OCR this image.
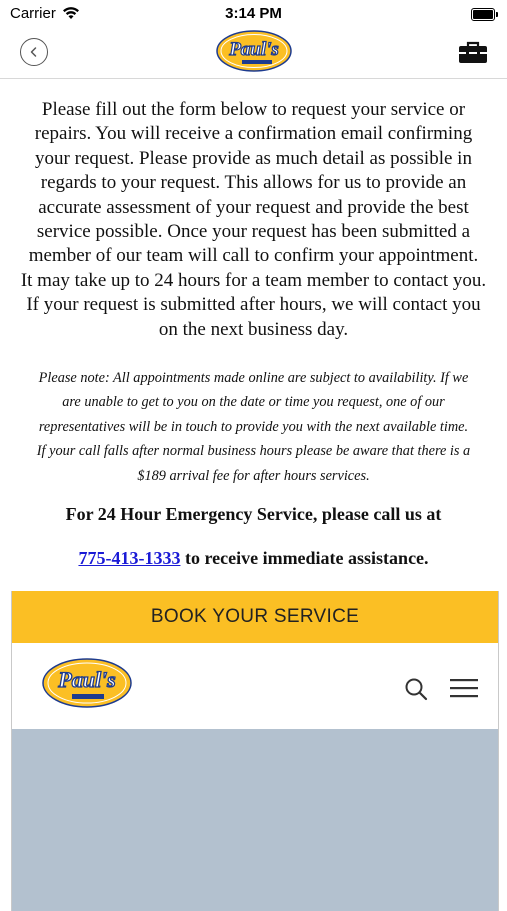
Carrier	3:14 PM
Paul's
Please fill out the form below to request your service or
repairs. You will receive a confirmation email confirming
your request. Please provide as much detail as possible in
regards to your request. This allows for us to provide an
accurate assessment of your request and provide the best
service possible. Once your request has been submitted a
member of our team will call to confirm your appointment.
It may take up to 24 hours for a team member to contact you.
If your request is submitted after hours, we will contact you
on the next business day.
Please note: All appointments made online are subject to availability. If we
are unable to get to you on the date or time you request, one of our
representatives will be in touch to provide you with the next available time.
If your call falls after normal business hours please be aware that there is a
$189 arrival fee for after hours services.
For 24 Hour Emergency Service, please call us at
775-413-1333 to receive immediate assistance.
BOOK YOUR SERVICE
Paul's
